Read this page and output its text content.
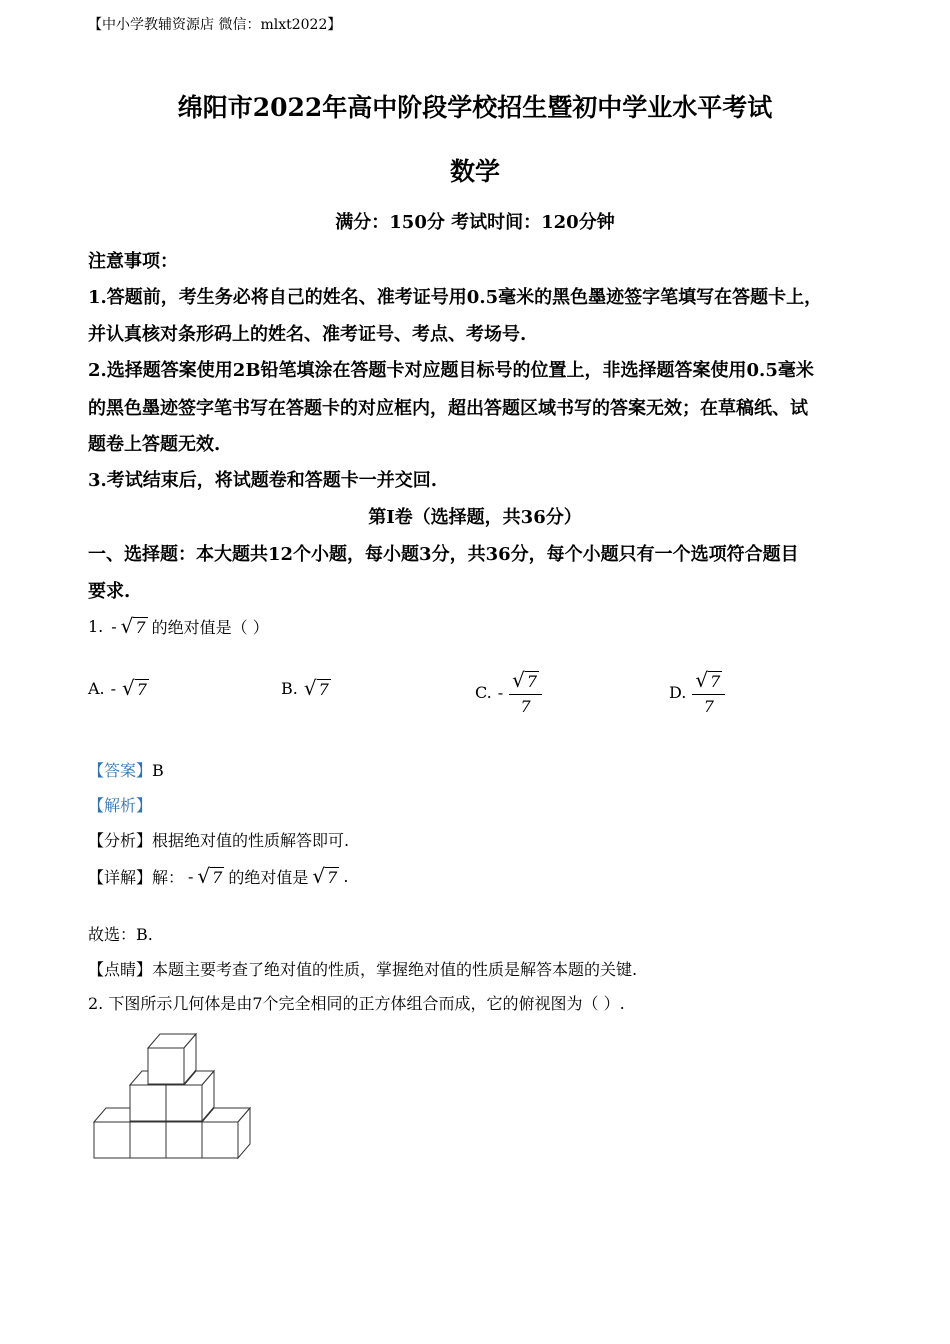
【中小学教辅资源店 微信：mlxt2022】
绵阳市2022年高中阶段学校招生暨初中学业水平考试
数学
满分：150分 考试时间：120分钟
注意事项：
1.答题前，考生务必将自己的姓名、准考证号用0.5毫米的黑色墨迹签字笔填写在答题卡上，
并认真核对条形码上的姓名、准考证号、考点、考场号.
2.选择题答案使用2B铅笔填涂在答题卡对应题目标号的位置上，非选择题答案使用0.5毫米
的黑色墨迹签字笔书写在答题卡的对应框内，超出答题区域书写的答案无效；在草稿纸、试
题卷上答题无效.
3.考试结束后，将试题卷和答题卡一并交回.
第Ⅰ卷（选择题，共36分）
一、选择题：本大题共12个小题，每小题3分，共36分，每个小题只有一个选项符合题目
要求.
1. - √ 7 的绝对值是（ ）
A. - √ 7	B. √ 7	C. - $\frac{√ 7}{7}$	D. $\frac{√ 7}{7}$
【答案】B
【解析】
【分析】根据绝对值的性质解答即可.
【详解】解： - √ 7 的绝对值是 √ 7 .
故选：B.
【点睛】本题主要考查了绝对值的性质，掌握绝对值的性质是解答本题的关键.
2. 下图所示几何体是由7个完全相同的正方体组合而成，它的俯视图为（ ）.
